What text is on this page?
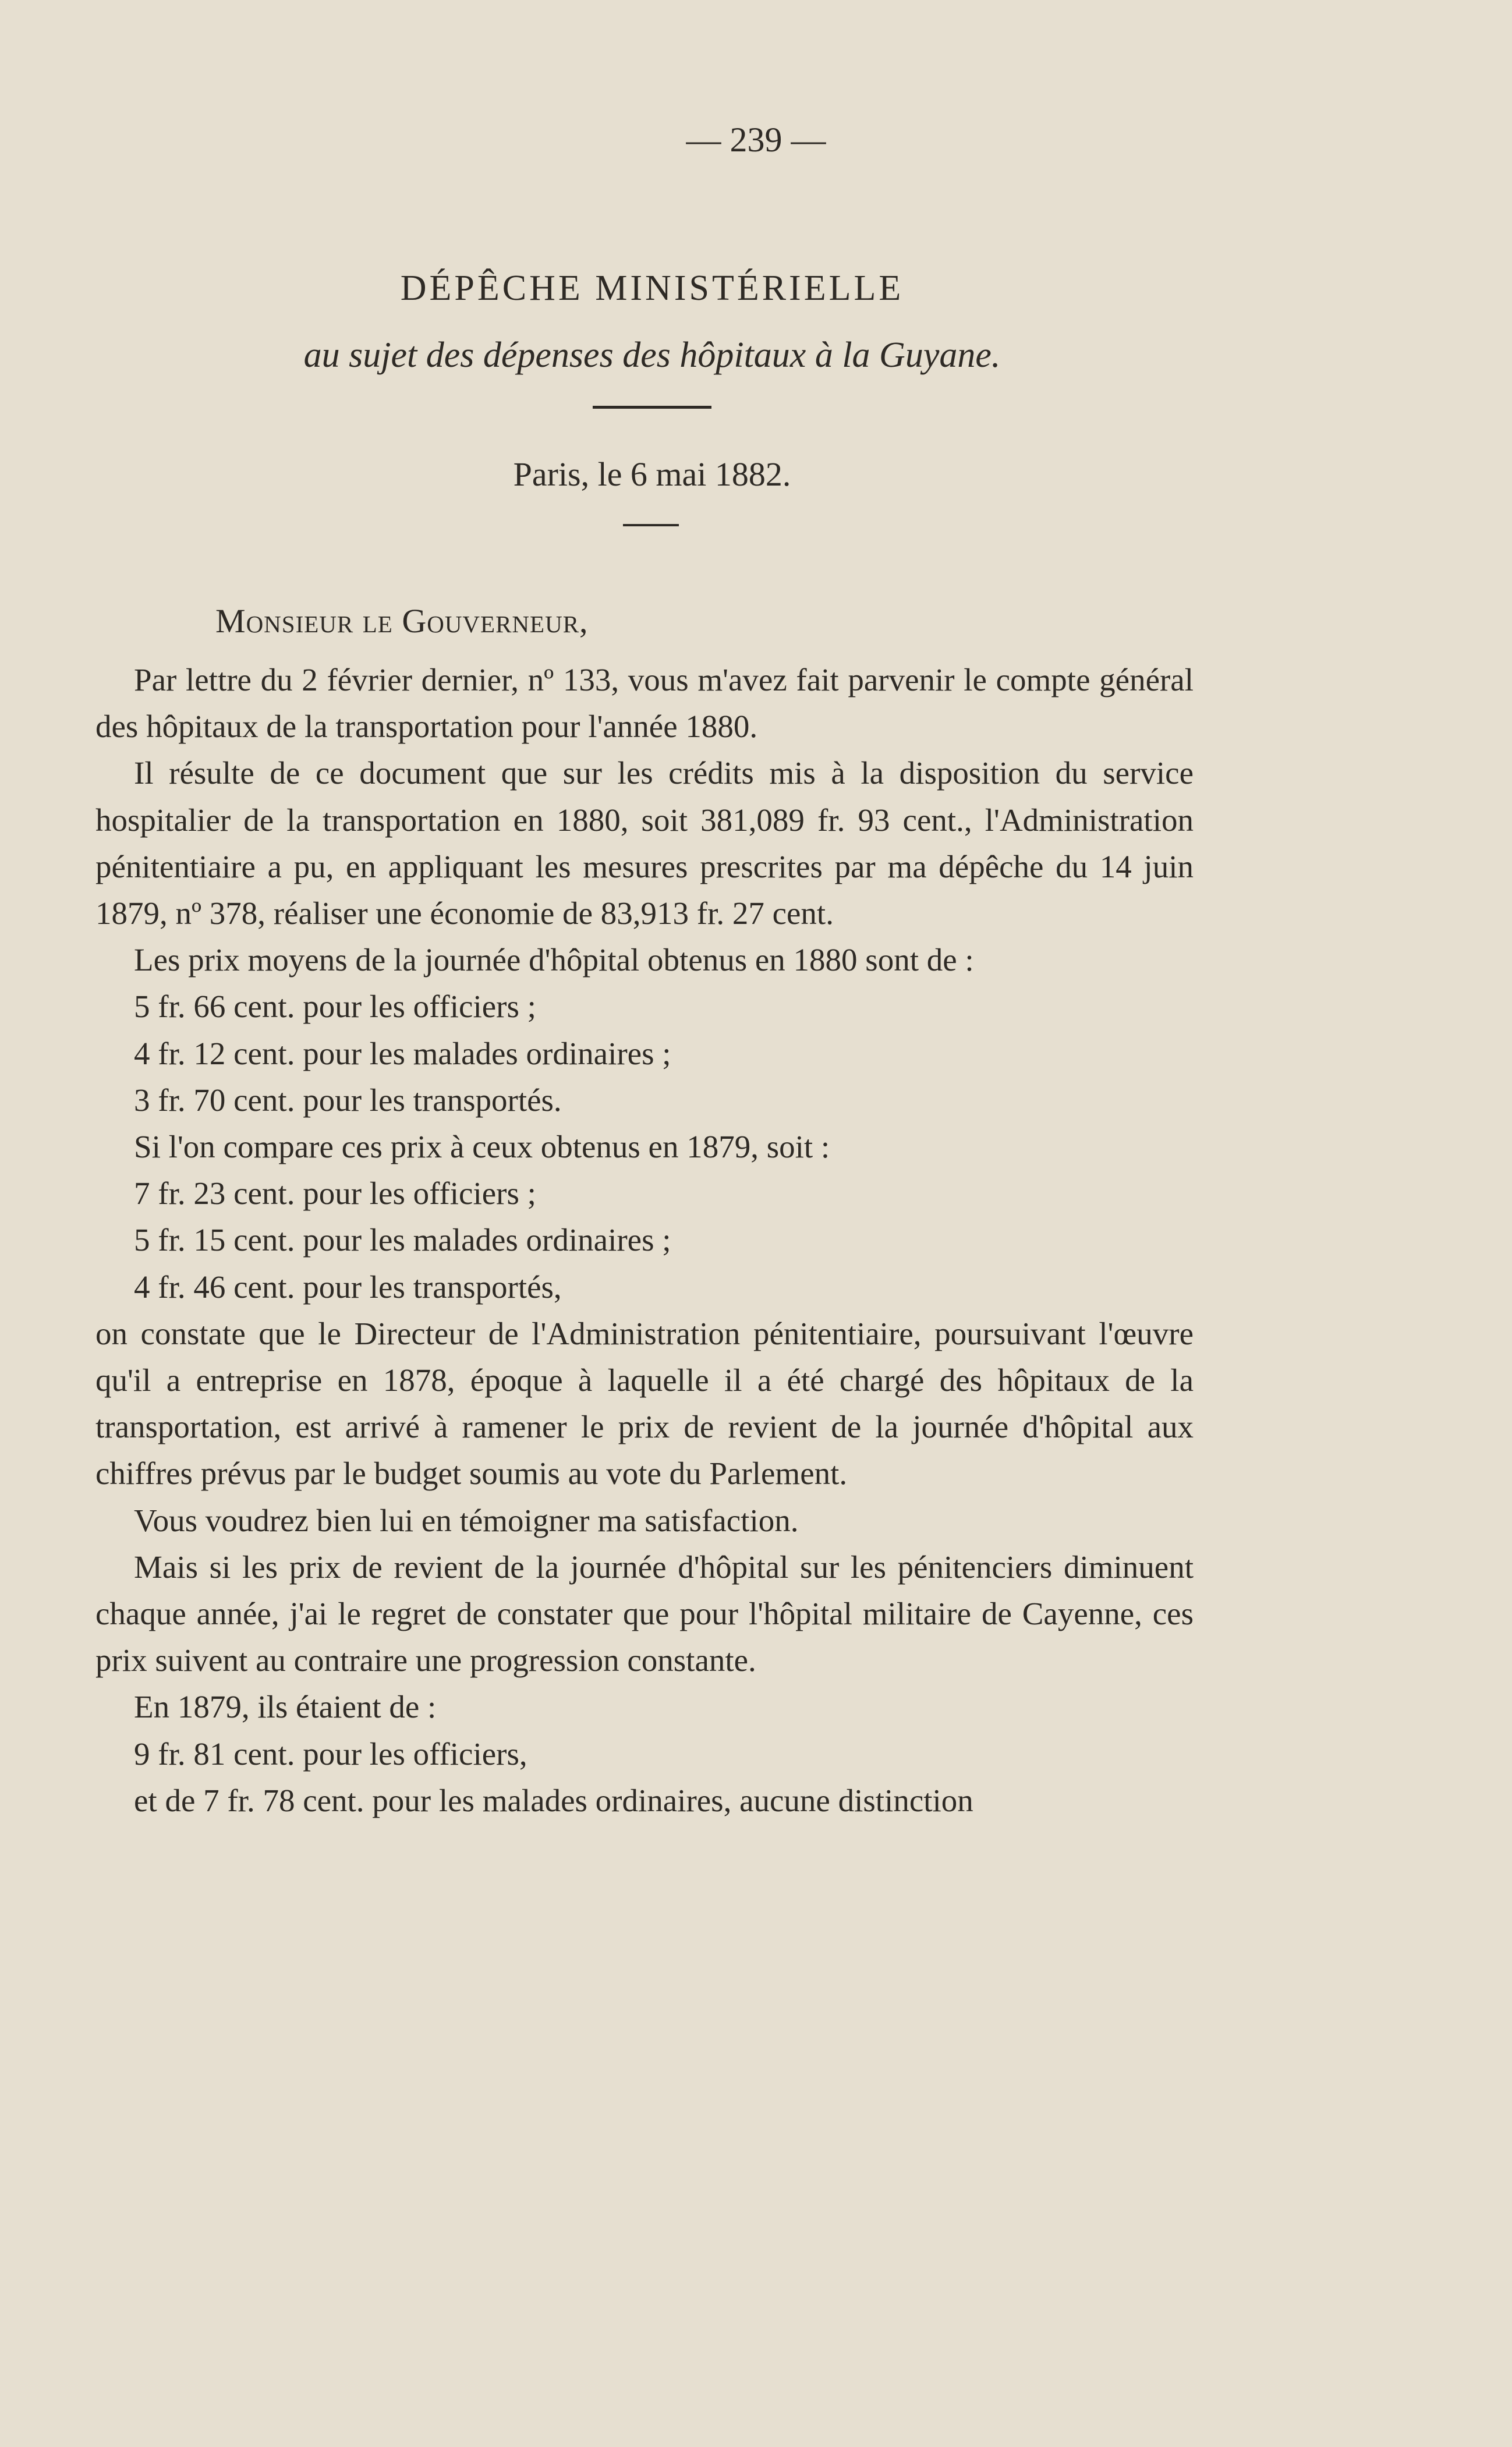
— 239 —
DÉPÊCHE MINISTÉRIELLE
au sujet des dépenses des hôpitaux à la Guyane.
Paris, le 6 mai 1882.
Monsieur le Gouverneur,

Par lettre du 2 février dernier, nº 133, vous m'avez fait parvenir le compte général des hôpitaux de la transportation pour l'année 1880.

Il résulte de ce document que sur les crédits mis à la disposition du service hospitalier de la transportation en 1880, soit 381,089 fr. 93 cent., l'Administration pénitentiaire a pu, en appliquant les mesures prescrites par ma dépêche du 14 juin 1879, nº 378, réaliser une économie de 83,913 fr. 27 cent.

Les prix moyens de la journée d'hôpital obtenus en 1880 sont de :

5 fr. 66 cent. pour les officiers ;

4 fr. 12 cent. pour les malades ordinaires ;

3 fr. 70 cent. pour les transportés.

Si l'on compare ces prix à ceux obtenus en 1879, soit :

7 fr. 23 cent. pour les officiers ;

5 fr. 15 cent. pour les malades ordinaires ;

4 fr. 46 cent. pour les transportés,

on constate que le Directeur de l'Administration pénitentiaire, poursuivant l'œuvre qu'il a entreprise en 1878, époque à laquelle il a été chargé des hôpitaux de la transportation, est arrivé à ramener le prix de revient de la journée d'hôpital aux chiffres prévus par le budget soumis au vote du Parlement.

Vous voudrez bien lui en témoigner ma satisfaction.

Mais si les prix de revient de la journée d'hôpital sur les pénitenciers diminuent chaque année, j'ai le regret de constater que pour l'hôpital militaire de Cayenne, ces prix suivent au contraire une progression constante.

En 1879, ils étaient de :

9 fr. 81 cent. pour les officiers,

et de 7 fr. 78 cent. pour les malades ordinaires, aucune distinction
